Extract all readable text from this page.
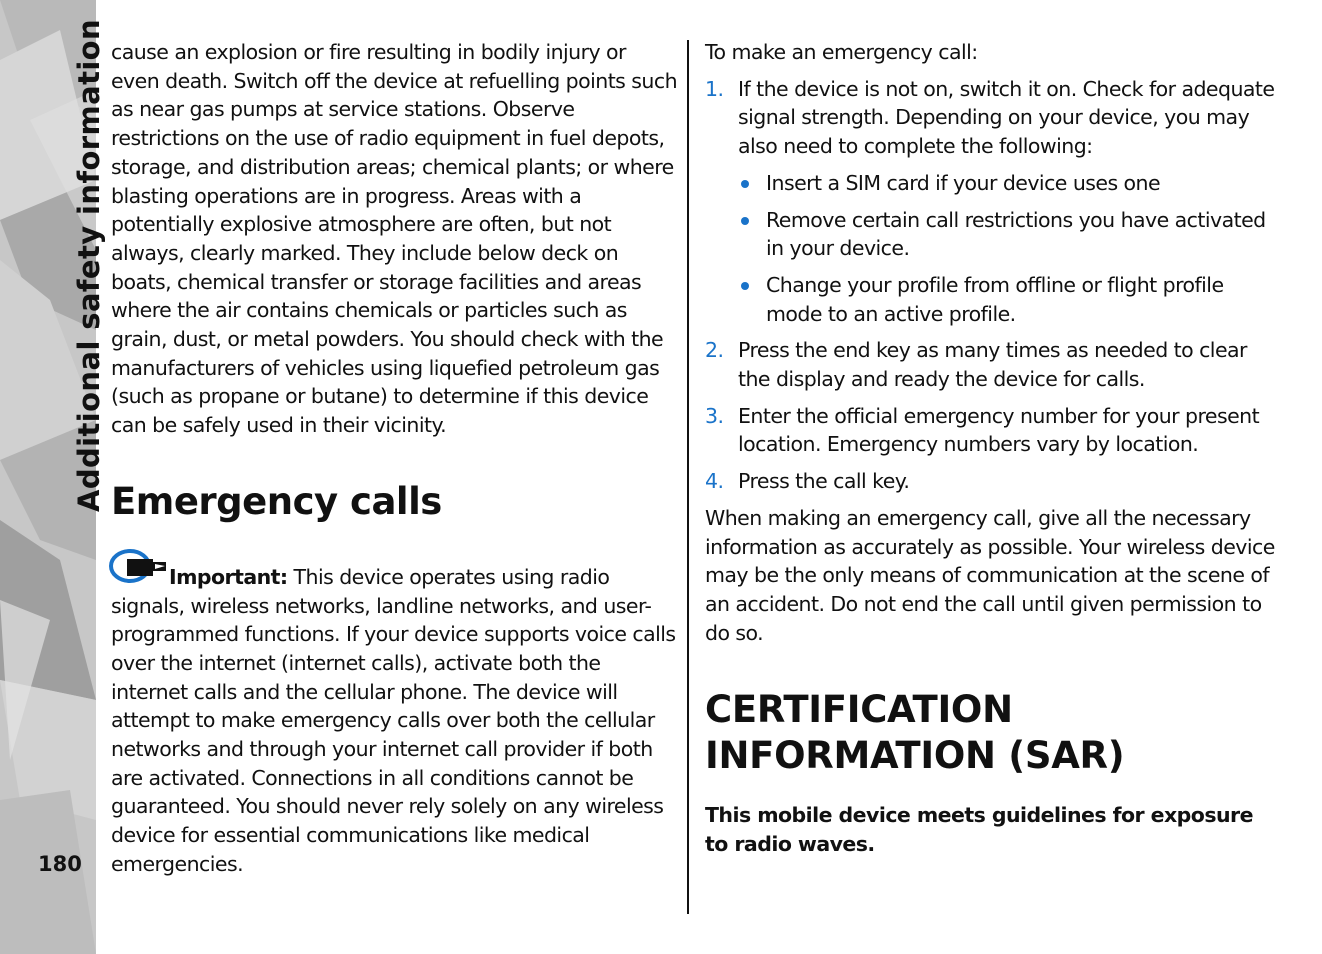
Additional safety information
180

cause an explosion or fire resulting in bodily injury or even death. Switch off the device at refuelling points such as near gas pumps at service stations. Observe restrictions on the use of radio equipment in fuel depots, storage, and distribution areas; chemical plants; or where blasting operations are in progress. Areas with a potentially explosive atmosphere are often, but not always, clearly marked. They include below deck on boats, chemical transfer or storage facilities and areas where the air contains chemicals or particles such as grain, dust, or metal powders. You should check with the manufacturers of vehicles using liquefied petroleum gas (such as propane or butane) to determine if this device can be safely used in their vicinity.

Emergency calls

Important: This device operates using radio signals, wireless networks, landline networks, and user-programmed functions. If your device supports voice calls over the internet (internet calls), activate both the internet calls and the cellular phone. The device will attempt to make emergency calls over both the cellular networks and through your internet call provider if both are activated. Connections in all conditions cannot be guaranteed. You should never rely solely on any wireless device for essential communications like medical emergencies.

To make an emergency call:

1. If the device is not on, switch it on. Check for adequate signal strength. Depending on your device, you may also need to complete the following:
Insert a SIM card if your device uses one
Remove certain call restrictions you have activated in your device.
Change your profile from offline or flight profile mode to an active profile.
2. Press the end key as many times as needed to clear the display and ready the device for calls.
3. Enter the official emergency number for your present location. Emergency numbers vary by location.
4. Press the call key.

When making an emergency call, give all the necessary information as accurately as possible. Your wireless device may be the only means of communication at the scene of an accident. Do not end the call until given permission to do so.

CERTIFICATION INFORMATION (SAR)

This mobile device meets guidelines for exposure to radio waves.
